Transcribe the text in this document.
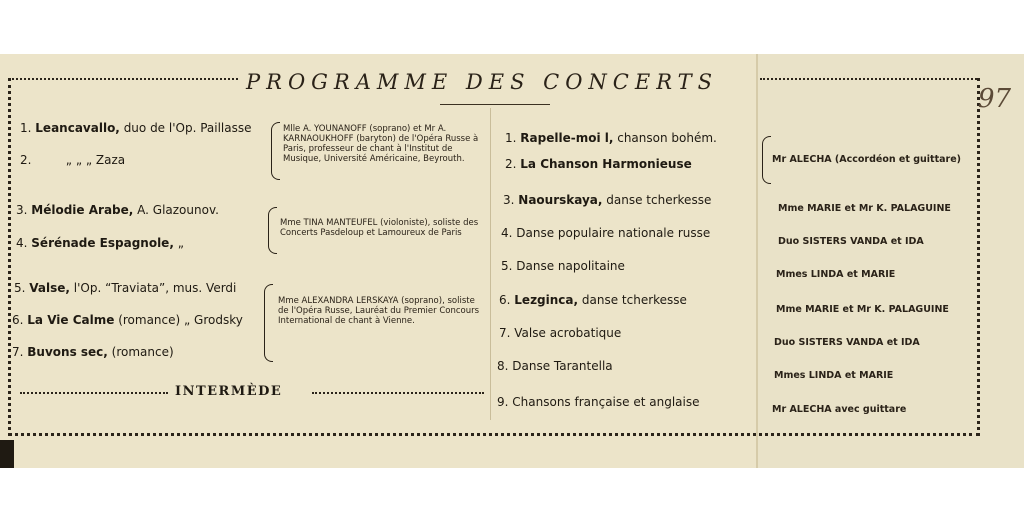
PROGRAMME DES CONCERTS
97
1. Leancavallo, duo de l'Op. Paillasse
2.	„ „ „ Zaza
3. Mélodie Arabe, A. Glazounov.
4. Sérénade Espagnole, „
5. Valse, l'Op. “Traviata”, mus. Verdi
6. La Vie Calme (romance) „ Grodsky
7. Buvons sec, (romance)
Mlle A. YOUNANOFF (soprano) et Mr A. KARNAOUKHOFF (baryton) de l'Opéra Russe à Paris, professeur de chant à l'Institut de Musique, Université Américaine, Beyrouth.
Mme TINA MANTEUFEL (violoniste), soliste des Concerts Pasdeloup et Lamoureux de Paris
Mme ALEXANDRA LERSKAYA (soprano), soliste de l'Opéra Russe, Lauréat du Premier Concours International de chant à Vienne.
INTERMÈDE
1. Rapelle-moi l, chanson bohém.
2. La Chanson Harmonieuse
3. Naourskaya, danse tcherkesse
4. Danse populaire nationale russe
5. Danse napolitaine
6. Lezginca, danse tcherkesse
7. Valse acrobatique
8. Danse Tarantella
9. Chansons française et anglaise
Mr ALECHA (Accordéon et guittare)
Mme MARIE et Mr K. PALAGUINE
Duo SISTERS VANDA et IDA
Mmes LINDA et MARIE
Mme MARIE et Mr K. PALAGUINE
Duo SISTERS VANDA et IDA
Mmes LINDA et MARIE
Mr ALECHA avec guittare
